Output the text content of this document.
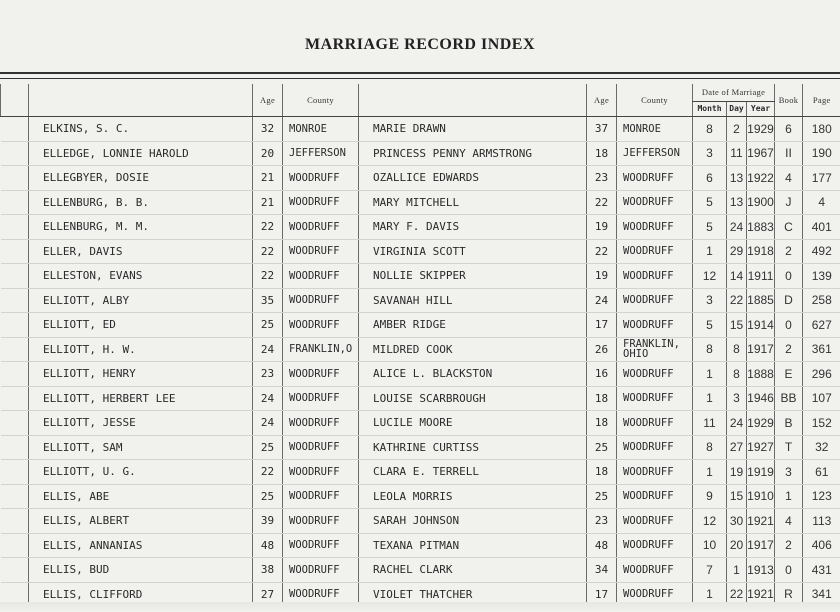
MARRIAGE RECORD INDEX
		Age	County		Age	County	Date of Marriage			Book	Page
							Month	Day	Year		
	ELKINS, S. C.	32	MONROE	MARIE DRAWN	37	MONROE	8	2	1929	6	180
	ELLEDGE, LONNIE HAROLD	20	JEFFERSON	PRINCESS PENNY ARMSTRONG	18	JEFFERSON	3	11	1967	II	190
	ELLEGBYER, DOSIE	21	WOODRUFF	OZALLICE EDWARDS	23	WOODRUFF	6	13	1922	4	177
	ELLENBURG, B. B.	21	WOODRUFF	MARY MITCHELL	22	WOODRUFF	5	13	1900	J	4
	ELLENBURG, M. M.	22	WOODRUFF	MARY F. DAVIS	19	WOODRUFF	5	24	1883	C	401
	ELLER, DAVIS	22	WOODRUFF	VIRGINIA SCOTT	22	WOODRUFF	1	29	1918	2	492
	ELLESTON, EVANS	22	WOODRUFF	NOLLIE SKIPPER	19	WOODRUFF	12	14	1911	0	139
	ELLIOTT, ALBY	35	WOODRUFF	SAVANAH HILL	24	WOODRUFF	3	22	1885	D	258
	ELLIOTT, ED	25	WOODRUFF	AMBER RIDGE	17	WOODRUFF	5	15	1914	0	627
	ELLIOTT, H. W.	24	FRANKLIN,O	MILDRED COOK	26	FRANKLIN, OHIO	8	8	1917	2	361
	ELLIOTT, HENRY	23	WOODRUFF	ALICE L. BLACKSTON	16	WOODRUFF	1	8	1888	E	296
	ELLIOTT, HERBERT LEE	24	WOODRUFF	LOUISE SCARBROUGH	18	WOODRUFF	1	3	1946	BB	107
	ELLIOTT, JESSE	24	WOODRUFF	LUCILE MOORE	18	WOODRUFF	11	24	1929	B	152
	ELLIOTT, SAM	25	WOODRUFF	KATHRINE CURTISS	25	WOODRUFF	8	27	1927	T	32
	ELLIOTT, U. G.	22	WOODRUFF	CLARA E. TERRELL	18	WOODRUFF	1	19	1919	3	61
	ELLIS, ABE	25	WOODRUFF	LEOLA MORRIS	25	WOODRUFF	9	15	1910	1	123
	ELLIS, ALBERT	39	WOODRUFF	SARAH JOHNSON	23	WOODRUFF	12	30	1921	4	113
	ELLIS, ANNANIAS	48	WOODRUFF	TEXANA PITMAN	48	WOODRUFF	10	20	1917	2	406
	ELLIS, BUD	38	WOODRUFF	RACHEL CLARK	34	WOODRUFF	7	1	1913	0	431
	ELLIS, CLIFFORD	27	WOODRUFF	VIOLET THATCHER	17	WOODRUFF	1	22	1921	R	341
